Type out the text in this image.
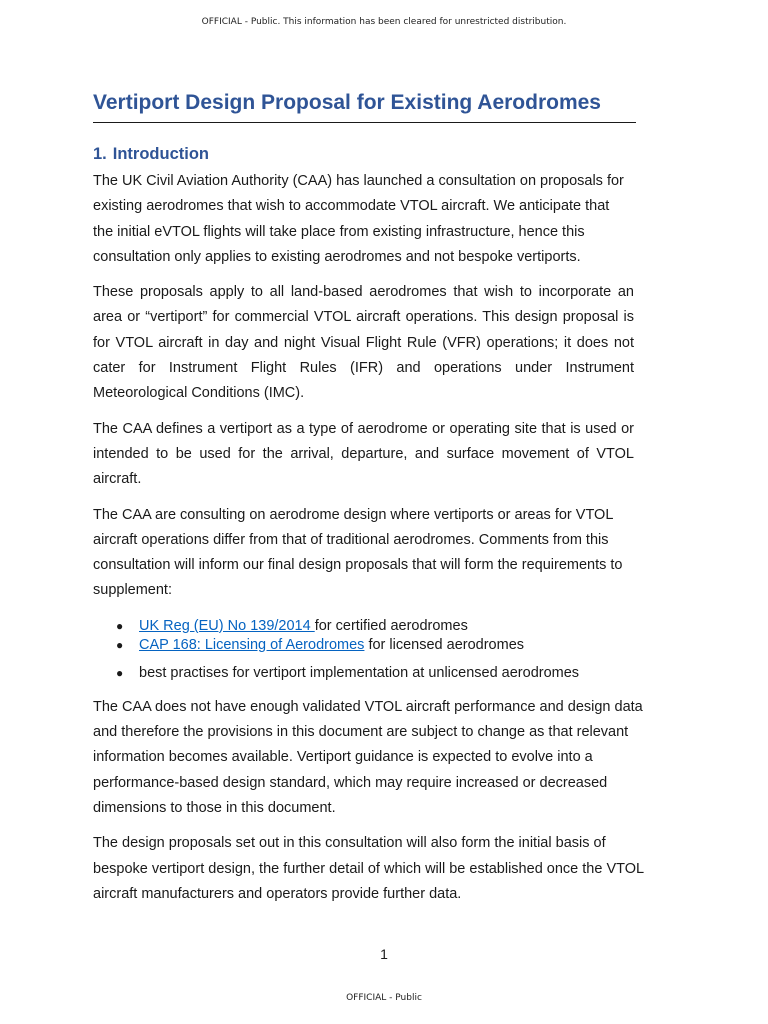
OFFICIAL - Public. This information has been cleared for unrestricted distribution.
Vertiport Design Proposal for Existing Aerodromes
1. Introduction

The UK Civil Aviation Authority (CAA) has launched a consultation on proposals for existing aerodromes that wish to accommodate VTOL aircraft. We anticipate that the initial eVTOL flights will take place from existing infrastructure, hence this consultation only applies to existing aerodromes and not bespoke vertiports.

These proposals apply to all land-based aerodromes that wish to incorporate an area or “vertiport” for commercial VTOL aircraft operations. This design proposal is for VTOL aircraft in day and night Visual Flight Rule (VFR) operations; it does not cater for Instrument Flight Rules (IFR) and operations under Instrument Meteorological Conditions (IMC).

The CAA defines a vertiport as a type of aerodrome or operating site that is used or intended to be used for the arrival, departure, and surface movement of VTOL aircraft.

The CAA are consulting on aerodrome design where vertiports or areas for VTOL aircraft operations differ from that of traditional aerodromes. Comments from this consultation will inform our final design proposals that will form the requirements to supplement:

● UK Reg (EU) No 139/2014 for certified aerodromes
● CAP 168: Licensing of Aerodromes for licensed aerodromes
● best practises for vertiport implementation at unlicensed aerodromes

The CAA does not have enough validated VTOL aircraft performance and design data and therefore the provisions in this document are subject to change as that relevant information becomes available. Vertiport guidance is expected to evolve into a performance-based design standard, which may require increased or decreased dimensions to those in this document.

The design proposals set out in this consultation will also form the initial basis of bespoke vertiport design, the further detail of which will be established once the VTOL aircraft manufacturers and operators provide further data.

1
OFFICIAL - Public
